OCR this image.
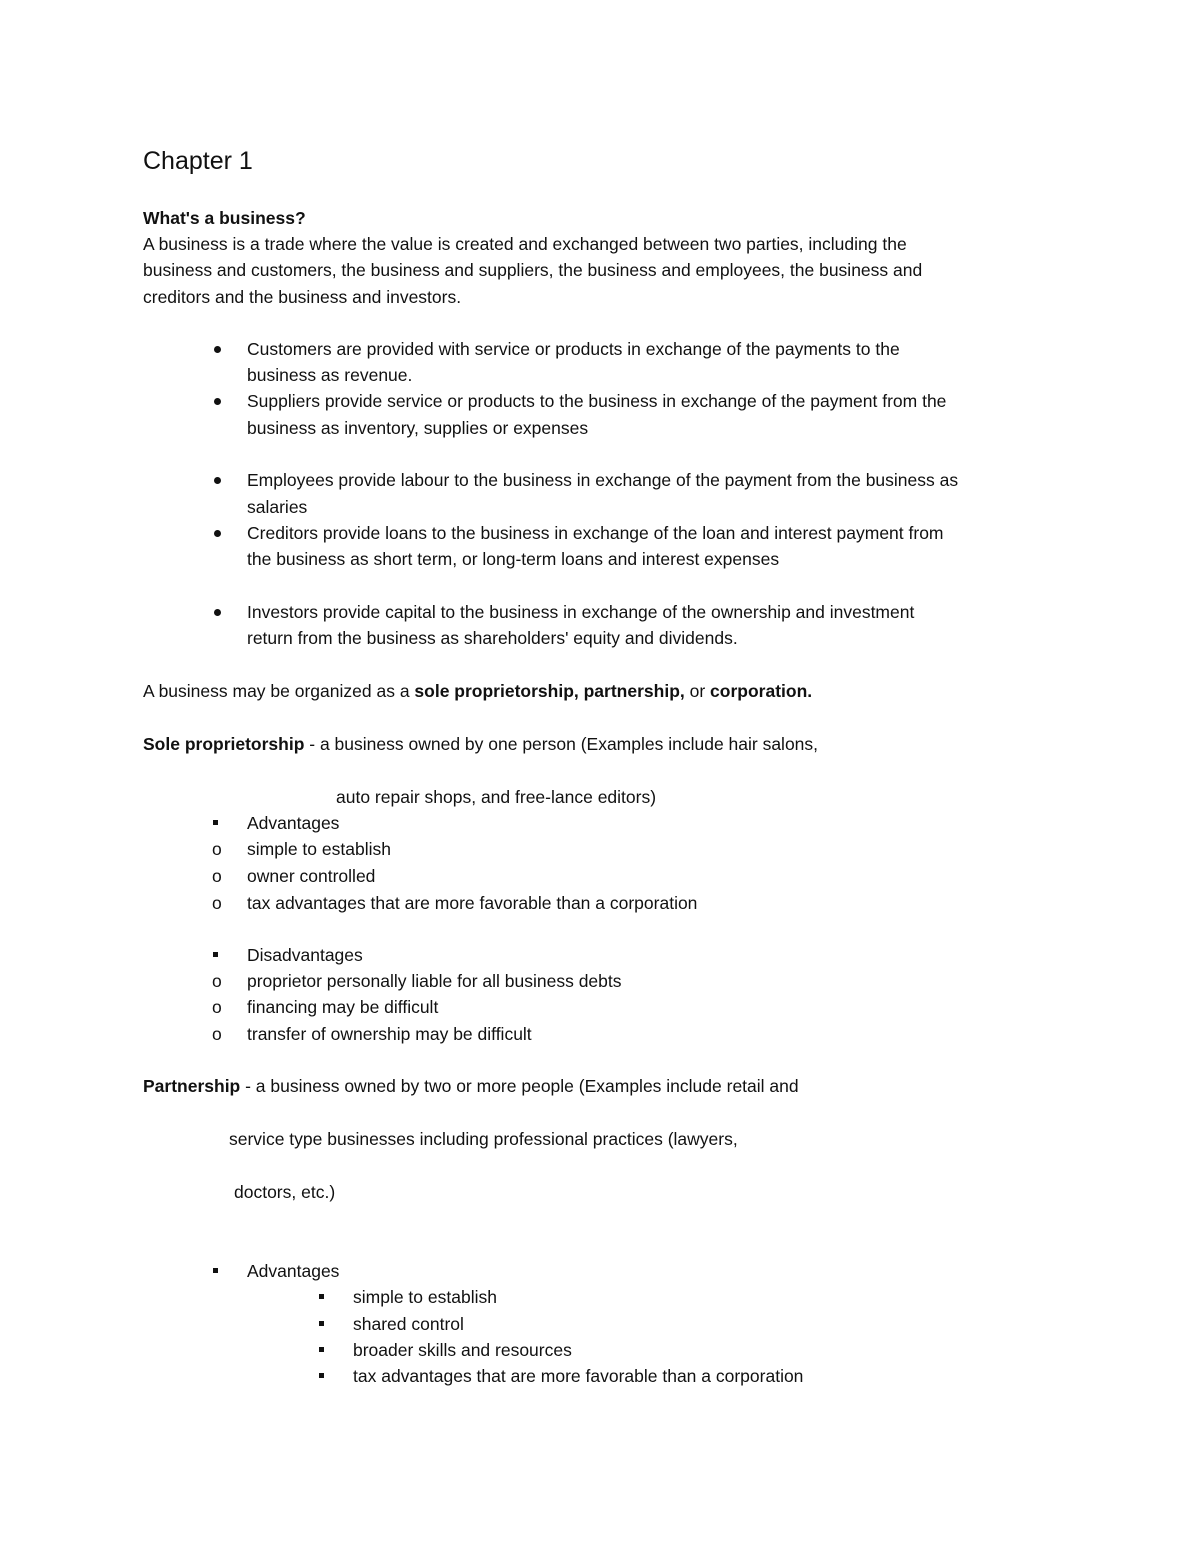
Chapter 1
What's a business?
A business is a trade where the value is created and exchanged between two parties, including the
business and customers, the business and suppliers, the business and employees, the business and
creditors and the business and investors.
Customers are provided with service or products in exchange of the payments to the
business as revenue.
Suppliers provide service or products to the business in exchange of the payment from the
business as inventory, supplies or expenses
Employees provide labour to the business in exchange of the payment from the business as
salaries
Creditors provide loans to the business in exchange of the loan and interest payment from
the business as short term, or long-term loans and interest expenses
Investors provide capital to the business in exchange of the ownership and investment
return from the business as shareholders' equity and dividends.
A business may be organized as a sole proprietorship, partnership, or corporation.
Sole proprietorship - a business owned by one person (Examples include hair salons,
auto repair shops, and free-lance editors)
Advantages
o simple to establish
o owner controlled
o tax advantages that are more favorable than a corporation
Disadvantages
o proprietor personally liable for all business debts
o financing may be difficult
o transfer of ownership may be difficult
Partnership - a business owned by two or more people (Examples include retail and
service type businesses including professional practices (lawyers,
doctors, etc.)
Advantages
simple to establish
shared control
broader skills and resources
tax advantages that are more favorable than a corporation
